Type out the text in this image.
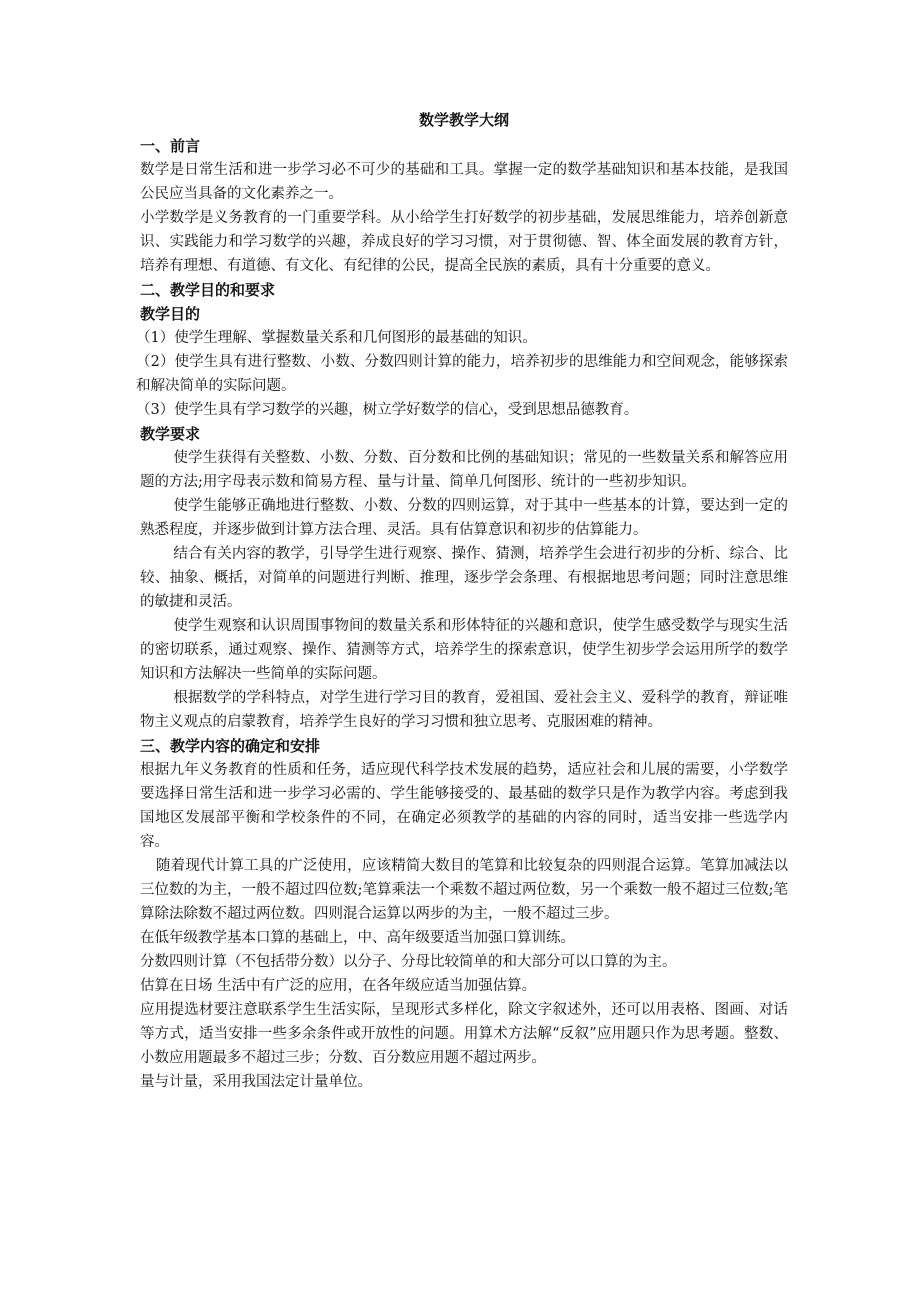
数学教学大纲
一、前言

数学是日常生活和进一步学习必不可少的基础和工具。掌握一定的数学基础知识和基本技能，是我国公民应当具备的文化素养之一。

小学数学是义务教育的一门重要学科。从小给学生打好数学的初步基础，发展思维能力，培养创新意识、实践能力和学习数学的兴趣，养成良好的学习习惯，对于贯彻德、智、体全面发展的教育方针，培养有理想、有道德、有文化、有纪律的公民，提高全民族的素质，具有十分重要的意义。

二、教学目的和要求
教学目的

（1）使学生理解、掌握数量关系和几何图形的最基础的知识。

（2）使学生具有进行整数、小数、分数四则计算的能力，培养初步的思维能力和空间观念，能够探索和解决简单的实际问题。

（3）使学生具有学习数学的兴趣，树立学好数学的信心，受到思想品德教育。

教学要求

使学生获得有关整数、小数、分数、百分数和比例的基础知识；常见的一些数量关系和解答应用题的方法;用字母表示数和简易方程、量与计量、简单几何图形、统计的一些初步知识。

使学生能够正确地进行整数、小数、分数的四则运算，对于其中一些基本的计算，要达到一定的熟悉程度，并逐步做到计算方法合理、灵活。具有估算意识和初步的估算能力。

结合有关内容的教学，引导学生进行观察、操作、猜测，培养学生会进行初步的分析、综合、比较、抽象、概括，对简单的问题进行判断、推理，逐步学会条理、有根据地思考问题；同时注意思维的敏捷和灵活。

使学生观察和认识周围事物间的数量关系和形体特征的兴趣和意识，使学生感受数学与现实生活的密切联系，通过观察、操作、猜测等方式，培养学生的探索意识，使学生初步学会运用所学的数学知识和方法解决一些简单的实际问题。

根据数学的学科特点，对学生进行学习目的教育，爱祖国、爱社会主义、爱科学的教育，辩证唯物主义观点的启蒙教育，培养学生良好的学习习惯和独立思考、克服困难的精神。

三、教学内容的确定和安排

根据九年义务教育的性质和任务，适应现代科学技术发展的趋势，适应社会和儿展的需要，小学数学要选择日常生活和进一步学习必需的、学生能够接受的、最基础的数学只是作为教学内容。考虑到我国地区发展部平衡和学校条件的不同，在确定必须教学的基础的内容的同时，适当安排一些选学内容。

随着现代计算工具的广泛使用，应该精简大数目的笔算和比较复杂的四则混合运算。笔算加减法以三位数的为主，一般不超过四位数;笔算乘法一个乘数不超过两位数，另一个乘数一般不超过三位数;笔算除法除数不超过两位数。四则混合运算以两步的为主，一般不超过三步。

在低年级教学基本口算的基础上，中、高年级要适当加强口算训练。

分数四则计算（不包括带分数）以分子、分母比较简单的和大部分可以口算的为主。

估算在日场 生活中有广泛的应用，在各年级应适当加强估算。

应用提选材要注意联系学生生活实际，呈现形式多样化，除文字叙述外，还可以用表格、图画、对话等方式，适当安排一些多余条件或开放性的问题。用算术方法解“反叙”应用题只作为思考题。整数、小数应用题最多不超过三步；分数、百分数应用题不超过两步。

量与计量，采用我国法定计量单位。
